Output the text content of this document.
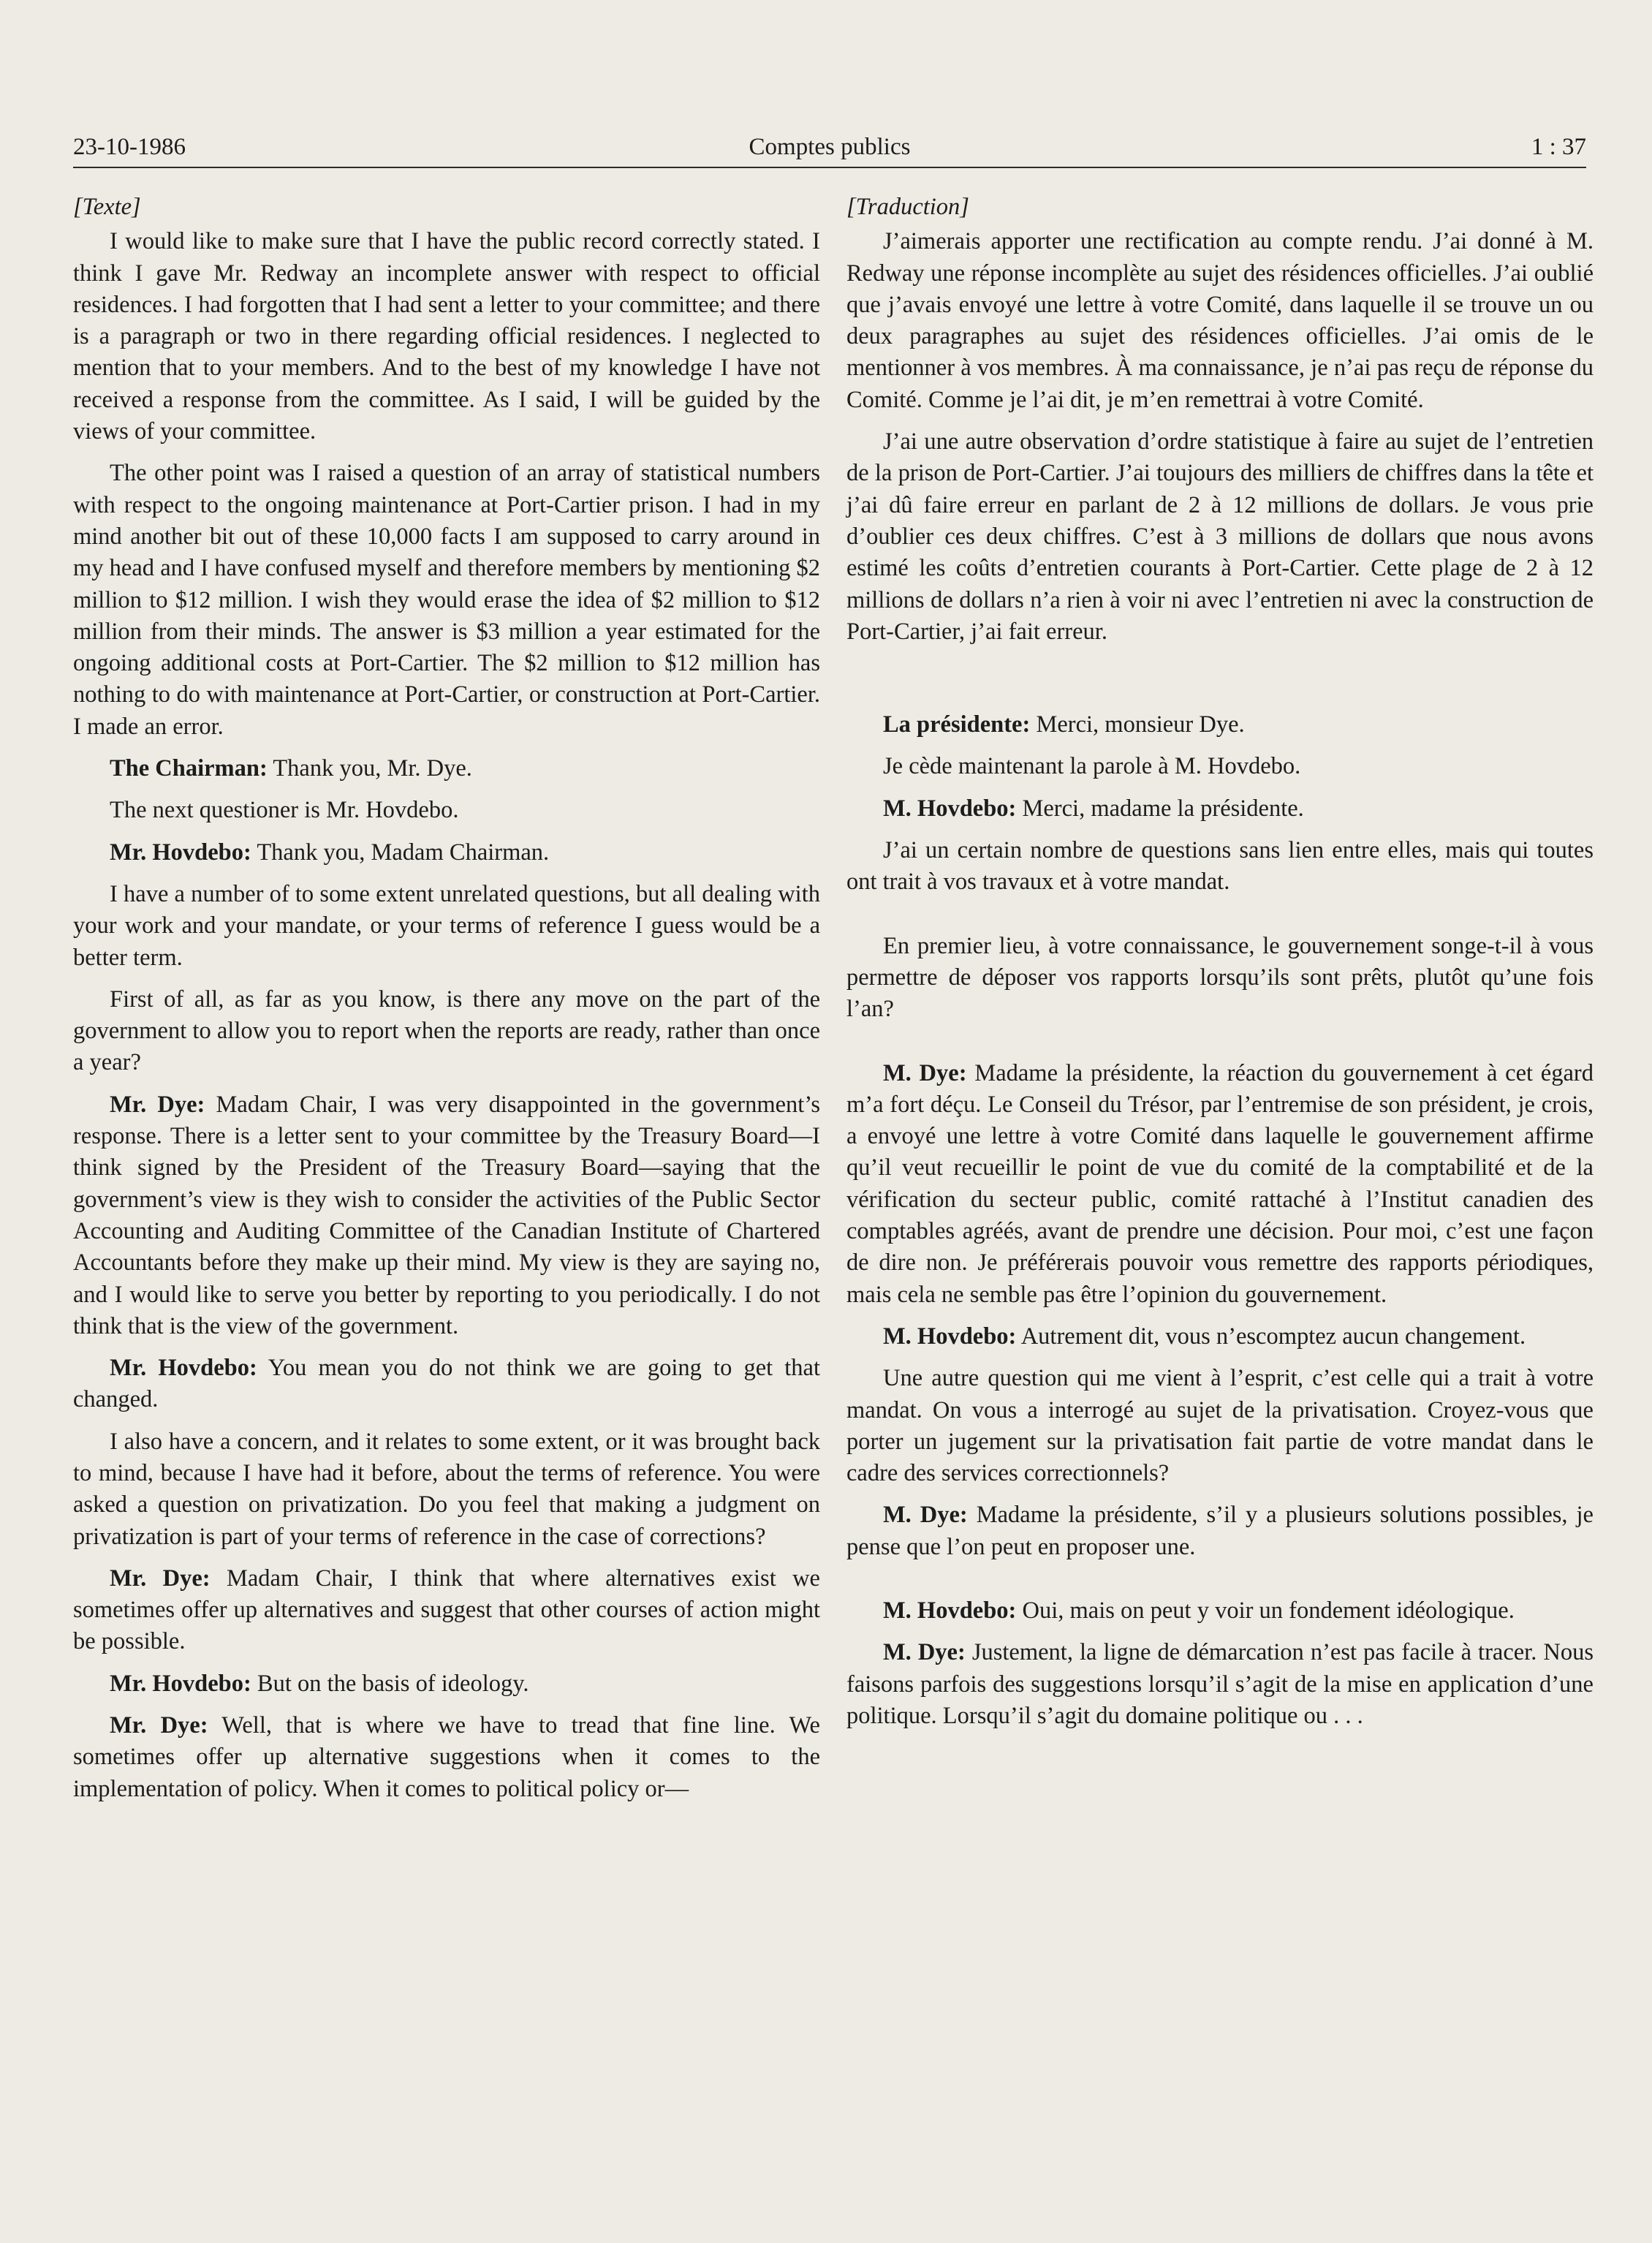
23-10-1986	Comptes publics	1 : 37

[Texte]

I would like to make sure that I have the public record correctly stated. I think I gave Mr. Redway an incomplete answer with respect to official residences. I had forgotten that I had sent a letter to your committee; and there is a paragraph or two in there regarding official residences. I neglected to mention that to your members. And to the best of my knowledge I have not received a response from the committee. As I said, I will be guided by the views of your committee.

The other point was I raised a question of an array of statistical numbers with respect to the ongoing maintenance at Port-Cartier prison. I had in my mind another bit out of these 10,000 facts I am supposed to carry around in my head and I have confused myself and therefore members by mentioning $2 million to $12 million. I wish they would erase the idea of $2 million to $12 million from their minds. The answer is $3 million a year estimated for the ongoing additional costs at Port-Cartier. The $2 million to $12 million has nothing to do with maintenance at Port-Cartier, or construction at Port-Cartier. I made an error.

The Chairman: Thank you, Mr. Dye.

The next questioner is Mr. Hovdebo.

Mr. Hovdebo: Thank you, Madam Chairman.

I have a number of to some extent unrelated questions, but all dealing with your work and your mandate, or your terms of reference I guess would be a better term.

First of all, as far as you know, is there any move on the part of the government to allow you to report when the reports are ready, rather than once a year?

Mr. Dye: Madam Chair, I was very disappointed in the government’s response. There is a letter sent to your committee by the Treasury Board—I think signed by the President of the Treasury Board—saying that the government’s view is they wish to consider the activities of the Public Sector Accounting and Auditing Committee of the Canadian Institute of Chartered Accountants before they make up their mind. My view is they are saying no, and I would like to serve you better by reporting to you periodically. I do not think that is the view of the government.

Mr. Hovdebo: You mean you do not think we are going to get that changed.

I also have a concern, and it relates to some extent, or it was brought back to mind, because I have had it before, about the terms of reference. You were asked a question on privatization. Do you feel that making a judgment on privatization is part of your terms of reference in the case of corrections?

Mr. Dye: Madam Chair, I think that where alternatives exist we sometimes offer up alternatives and suggest that other courses of action might be possible.

Mr. Hovdebo: But on the basis of ideology.

Mr. Dye: Well, that is where we have to tread that fine line. We sometimes offer up alternative suggestions when it comes to the implementation of policy. When it comes to political policy or—

[Traduction]

J’aimerais apporter une rectification au compte rendu. J’ai donné à M. Redway une réponse incomplète au sujet des résidences officielles. J’ai oublié que j’avais envoyé une lettre à votre Comité, dans laquelle il se trouve un ou deux paragraphes au sujet des résidences officielles. J’ai omis de le mentionner à vos membres. À ma connaissance, je n’ai pas reçu de réponse du Comité. Comme je l’ai dit, je m’en remettrai à votre Comité.

J’ai une autre observation d’ordre statistique à faire au sujet de l’entretien de la prison de Port-Cartier. J’ai toujours des milliers de chiffres dans la tête et j’ai dû faire erreur en parlant de 2 à 12 millions de dollars. Je vous prie d’oublier ces deux chiffres. C’est à 3 millions de dollars que nous avons estimé les coûts d’entretien courants à Port-Cartier. Cette plage de 2 à 12 millions de dollars n’a rien à voir ni avec l’entretien ni avec la construction de Port-Cartier, j’ai fait erreur.

La présidente: Merci, monsieur Dye.

Je cède maintenant la parole à M. Hovdebo.

M. Hovdebo: Merci, madame la présidente.

J’ai un certain nombre de questions sans lien entre elles, mais qui toutes ont trait à vos travaux et à votre mandat.

En premier lieu, à votre connaissance, le gouvernement songe-t-il à vous permettre de déposer vos rapports lorsqu’ils sont prêts, plutôt qu’une fois l’an?

M. Dye: Madame la présidente, la réaction du gouvernement à cet égard m’a fort déçu. Le Conseil du Trésor, par l’entremise de son président, je crois, a envoyé une lettre à votre Comité dans laquelle le gouvernement affirme qu’il veut recueillir le point de vue du comité de la comptabilité et de la vérification du secteur public, comité rattaché à l’Institut canadien des comptables agréés, avant de prendre une décision. Pour moi, c’est une façon de dire non. Je préférerais pouvoir vous remettre des rapports périodiques, mais cela ne semble pas être l’opinion du gouvernement.

M. Hovdebo: Autrement dit, vous n’escomptez aucun changement.

Une autre question qui me vient à l’esprit, c’est celle qui a trait à votre mandat. On vous a interrogé au sujet de la privatisation. Croyez-vous que porter un jugement sur la privatisation fait partie de votre mandat dans le cadre des services correctionnels?

M. Dye: Madame la présidente, s’il y a plusieurs solutions possibles, je pense que l’on peut en proposer une.

M. Hovdebo: Oui, mais on peut y voir un fondement idéologique.

M. Dye: Justement, la ligne de démarcation n’est pas facile à tracer. Nous faisons parfois des suggestions lorsqu’il s’agit de la mise en application d’une politique. Lorsqu’il s’agit du domaine politique ou . . .
